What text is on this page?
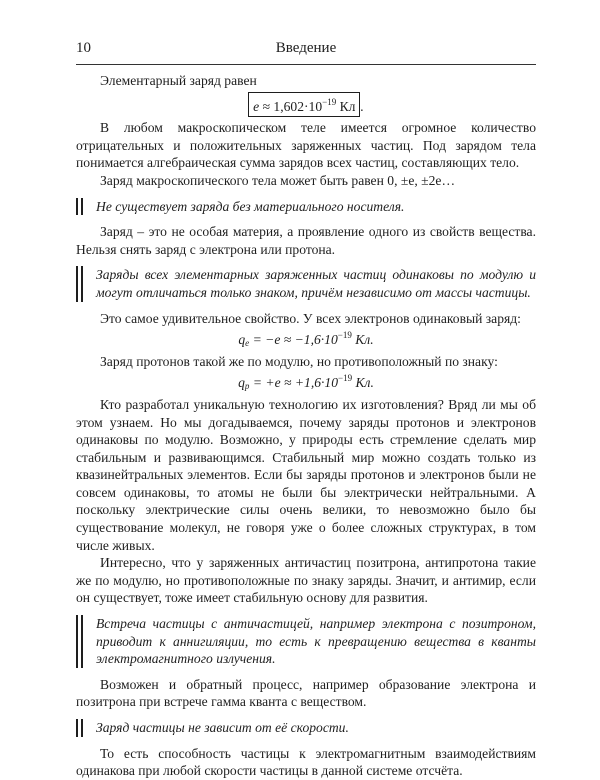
10	Введение

Элементарный заряд равен

$e \approx 1,602\cdot 10^{-19}$ Кл .

В любом макроскопическом теле имеется огромное количество отрицательных и положительных заряженных частиц. Под зарядом тела понимается алгебраическая сумма зарядов всех частиц, составляющих тело.

Заряд макроскопического тела может быть равен 0, ±e, ±2e…

Не существует заряда без материального носителя.

Заряд – это не особая материя, а проявление одного из свойств вещества. Нельзя снять заряд с электрона или протона.

Заряды всех элементарных заряженных частиц одинаковы по модулю и могут отличаться только знаком, причём независимо от массы частицы.

Это самое удивительное свойство. У всех электронов одинаковый заряд:

$q_e = -e \approx -1,6\cdot 10^{-19}$ Кл.

Заряд протонов такой же по модулю, но противоположный по знаку:

$q_p = +e \approx +1,6\cdot 10^{-19}$ Кл.

Кто разработал уникальную технологию их изготовления? Вряд ли мы об этом узнаем. Но мы догадываемся, почему заряды протонов и электронов одинаковы по модулю. Возможно, у природы есть стремление сделать мир стабильным и развивающимся. Стабильный мир можно создать только из квазинейтральных элементов. Если бы заряды протонов и электронов были не совсем одинаковы, то атомы не были бы электрически нейтральными. А поскольку электрические силы очень велики, то невозможно было бы существование молекул, не говоря уже о более сложных структурах, в том числе живых.

Интересно, что у заряженных античастиц позитрона, антипротона такие же по модулю, но противоположные по знаку заряды. Значит, и антимир, если он существует, тоже имеет стабильную основу для развития.

Встреча частицы с античастицей, например электрона с позитроном, приводит к аннигиляции, то есть к превращению вещества в кванты электромагнитного излучения.

Возможен и обратный процесс, например образование электрона и позитрона при встрече гамма кванта с веществом.

Заряд частицы не зависит от её скорости.

То есть способность частицы к электромагнитным взаимодействиям одинакова при любой скорости частицы в данной системе отсчёта.
